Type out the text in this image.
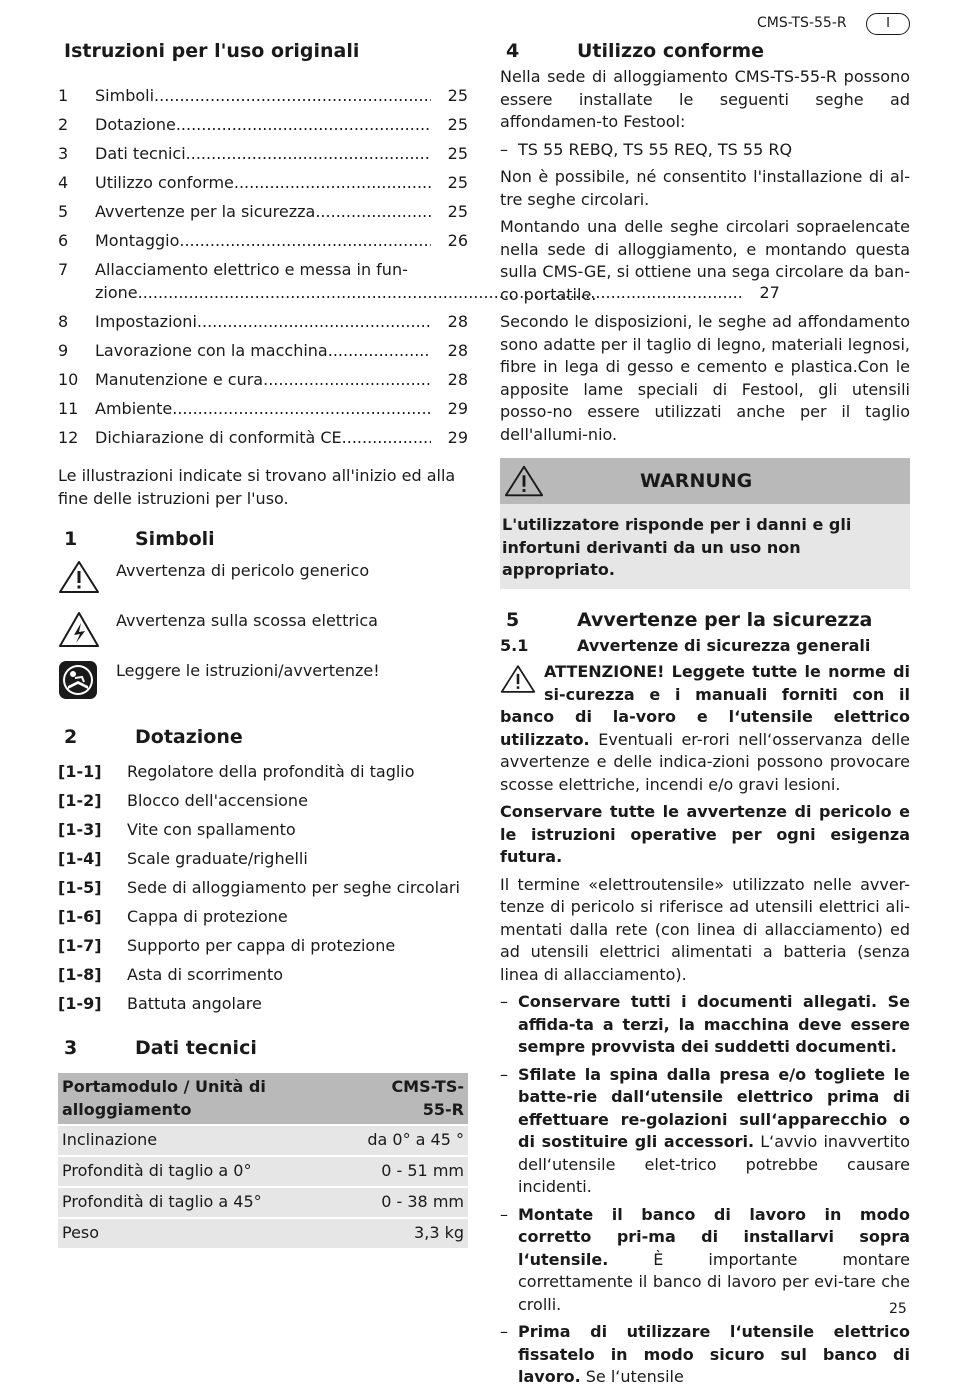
CMS-TS-55-R	I
Istruzioni per l'uso originali
1	Simboli .....	25
2	Dotazione .....	25
3	Dati tecnici .....	25
4	Utilizzo conforme .....	25
5	Avvertenze per la sicurezza .....	25
6	Montaggio .....	26
7	Allacciamento elettrico e messa in fun-
zione .....	27
8	Impostazioni .....	28
9	Lavorazione con la macchina .....	28
10	Manutenzione e cura .....	28
11	Ambiente .....	29
12	Dichiarazione di conformità CE .....	29

Le illustrazioni indicate si trovano all'inizio ed alla fine delle istruzioni per l'uso.

1	Simboli
Avvertenza di pericolo generico
Avvertenza sulla scossa elettrica
Leggere le istruzioni/avvertenze!
2	Dotazione
[1-1]	Regolatore della profondità di taglio
[1-2]	Blocco dell'accensione
[1-3]	Vite con spallamento
[1-4]	Scale graduate/righelli
[1-5]	Sede di alloggiamento per seghe circolari
[1-6]	Cappa di protezione
[1-7]	Supporto per cappa di protezione
[1-8]	Asta di scorrimento
[1-9]	Battuta angolare
3	Dati tecnici
Portamodulo / Unità di alloggiamento	CMS-TS-55-R
Inclinazione	da 0° a 45 °
Profondità di taglio a 0°	0 - 51 mm
Profondità di taglio a 45°	0 - 38 mm
Peso	3,3 kg
4	Utilizzo conforme

Nella sede di alloggiamento CMS-TS-55-R possono essere installate le seguenti seghe ad affondamen-to Festool:

– TS 55 REBQ, TS 55 REQ, TS 55 RQ

Non è possibile, né consentito l'installazione di al-tre seghe circolari.

Montando una delle seghe circolari sopraelencate nella sede di alloggiamento, e montando questa sulla CMS-GE, si ottiene una sega circolare da ban-co portatile.

Secondo le disposizioni, le seghe ad affondamento sono adatte per il taglio di legno, materiali legnosi, fibre in lega di gesso e cemento e plastica.Con le apposite lame speciali di Festool, gli utensili posso-no essere utilizzati anche per il taglio dell'allumi-nio.

WARNUNG
L'utilizzatore risponde per i danni e gli infortuni derivanti da un uso non appropriato.
5	Avvertenze per la sicurezza
5.1	Avvertenze di sicurezza generali
ATTENZIONE! Leggete tutte le norme di si-curezza e i manuali forniti con il banco di la-voro e l‘utensile elettrico utilizzato. Eventuali er-rori nell‘osservanza delle avvertenze e delle indica-zioni possono provocare scosse elettriche, incendi e/o gravi lesioni.

Conservare tutte le avvertenze di pericolo e le istruzioni operative per ogni esigenza futura.

Il termine «elettroutensile» utilizzato nelle avver-tenze di pericolo si riferisce ad utensili elettrici ali-mentati dalla rete (con linea di allacciamento) ed ad utensili elettrici alimentati a batteria (senza linea di allacciamento).

– Conservare tutti i documenti allegati. Se affida-ta a terzi, la macchina deve essere sempre provvista dei suddetti documenti.
– Sfilate la spina dalla presa e/o togliete le batte-rie dall‘utensile elettrico prima di effettuare re-golazioni sull‘apparecchio o di sostituire gli accessori. L‘avvio inavvertito dell‘utensile elet-trico potrebbe causare incidenti.
– Montate il banco di lavoro in modo corretto pri-ma di installarvi sopra l‘utensile. È importante montare correttamente il banco di lavoro per evi-tare che crolli.
– Prima di utilizzare l‘utensile elettrico fissatelo in modo sicuro sul banco di lavoro. Se l‘utensile
25
